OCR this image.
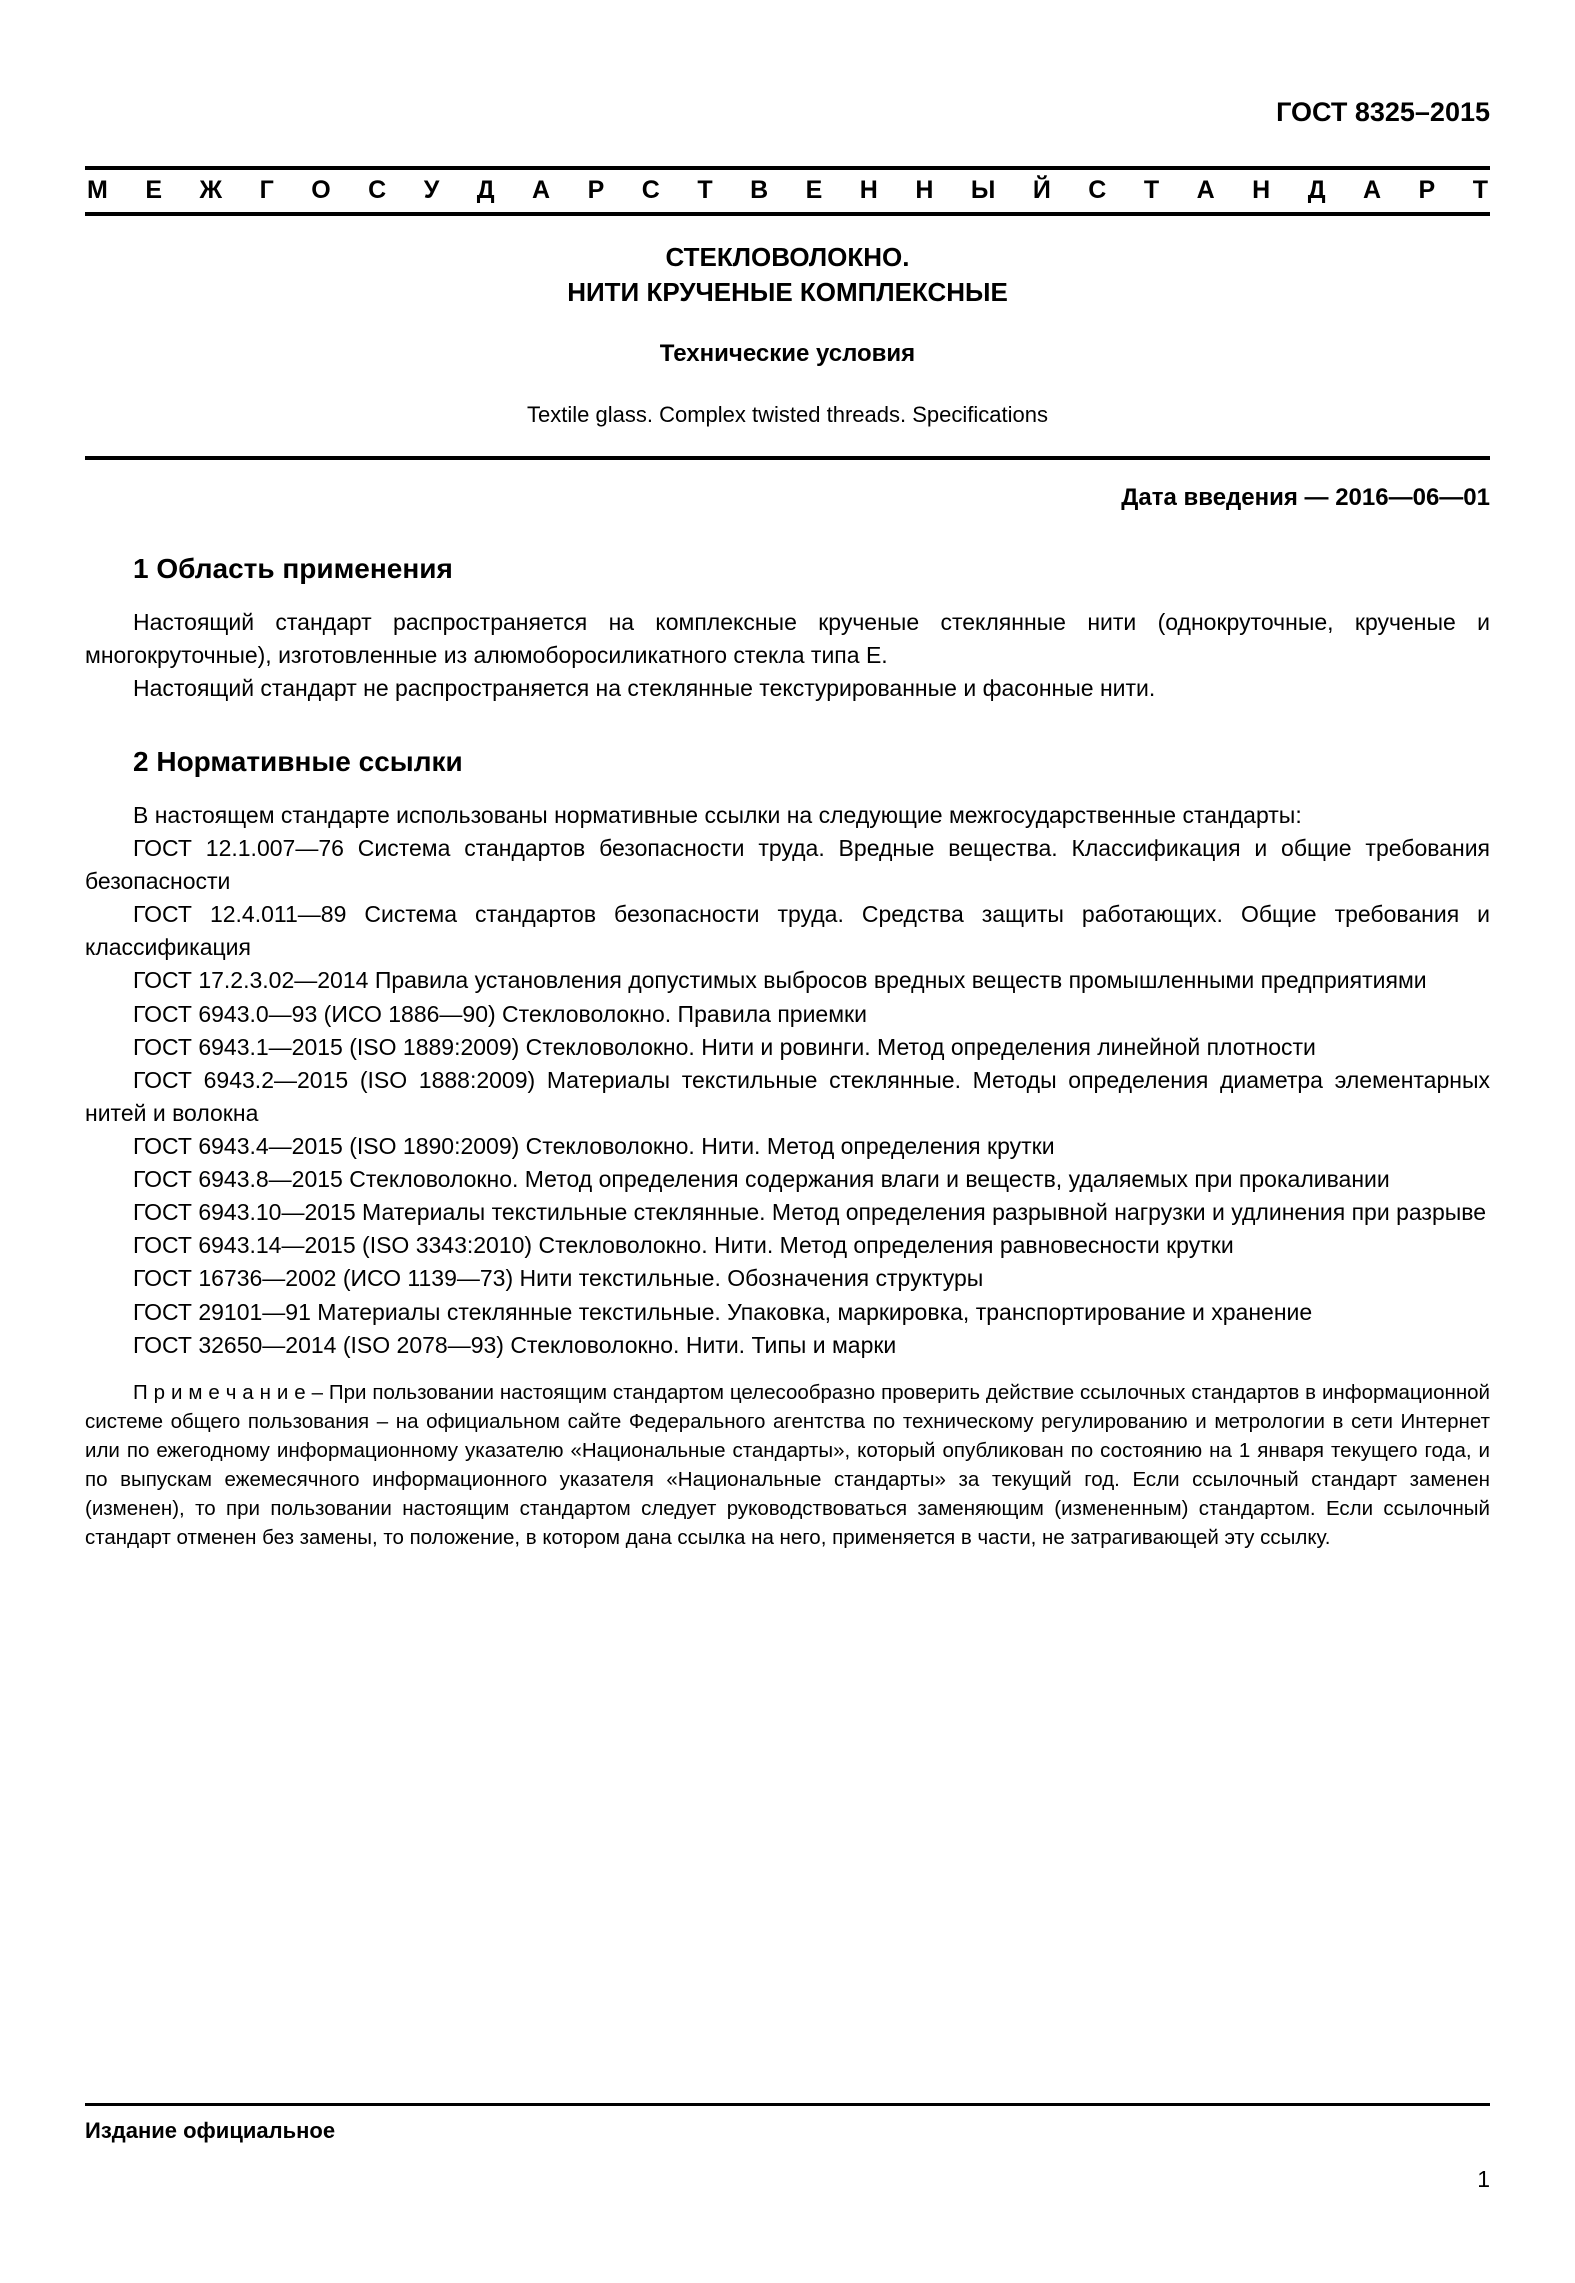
ГОСТ 8325–2015
М Е Ж Г О С У Д А Р С Т В Е Н Н Ы Й С Т А Н Д А Р Т
СТЕКЛОВОЛОКНО.
НИТИ КРУЧЕНЫЕ КОМПЛЕКСНЫЕ
Технические условия
Textile glass. Complex twisted threads. Specifications
Дата введения — 2016—06—01
1 Область применения

Настоящий стандарт распространяется на комплексные крученые стеклянные нити (однокруточные, крученые и многокруточные), изготовленные из алюмоборосиликатного стекла типа Е.

Настоящий стандарт не распространяется на стеклянные текстурированные и фасонные нити.

2 Нормативные ссылки

В настоящем стандарте использованы нормативные ссылки на следующие межгосударственные стандарты:

ГОСТ 12.1.007—76 Система стандартов безопасности труда. Вредные вещества. Классификация и общие требования безопасности

ГОСТ 12.4.011—89 Система стандартов безопасности труда. Средства защиты работающих. Общие требования и классификация

ГОСТ 17.2.3.02—2014 Правила установления допустимых выбросов вредных веществ промышленными предприятиями

ГОСТ 6943.0—93 (ИСО 1886—90) Стекловолокно. Правила приемки

ГОСТ 6943.1—2015 (ISO 1889:2009) Стекловолокно. Нити и ровинги. Метод определения линейной плотности

ГОСТ 6943.2—2015 (ISO 1888:2009) Материалы текстильные стеклянные. Методы определения диаметра элементарных нитей и волокна

ГОСТ 6943.4—2015 (ISO 1890:2009) Стекловолокно. Нити. Метод определения крутки

ГОСТ 6943.8—2015 Стекловолокно. Метод определения содержания влаги и веществ, удаляемых при прокаливании

ГОСТ 6943.10—2015 Материалы текстильные стеклянные. Метод определения разрывной нагрузки и удлинения при разрыве

ГОСТ 6943.14—2015 (ISO 3343:2010) Стекловолокно. Нити. Метод определения равновесности крутки

ГОСТ 16736—2002 (ИСО 1139—73) Нити текстильные. Обозначения структуры

ГОСТ 29101—91 Материалы стеклянные текстильные. Упаковка, маркировка, транспортирование и хранение

ГОСТ 32650—2014 (ISO 2078—93) Стекловолокно. Нити. Типы и марки

П р и м е ч а н и е – При пользовании настоящим стандартом целесообразно проверить действие ссылочных стандартов в информационной системе общего пользования – на официальном сайте Федерального агентства по техническому регулированию и метрологии в сети Интернет или по ежегодному информационному указателю «Национальные стандарты», который опубликован по состоянию на 1 января текущего года, и по выпускам ежемесячного информационного указателя «Национальные стандарты» за текущий год. Если ссылочный стандарт заменен (изменен), то при пользовании настоящим стандартом следует руководствоваться заменяющим (измененным) стандартом. Если ссылочный стандарт отменен без замены, то положение, в котором дана ссылка на него, применяется в части, не затрагивающей эту ссылку.

Издание официальное
1
